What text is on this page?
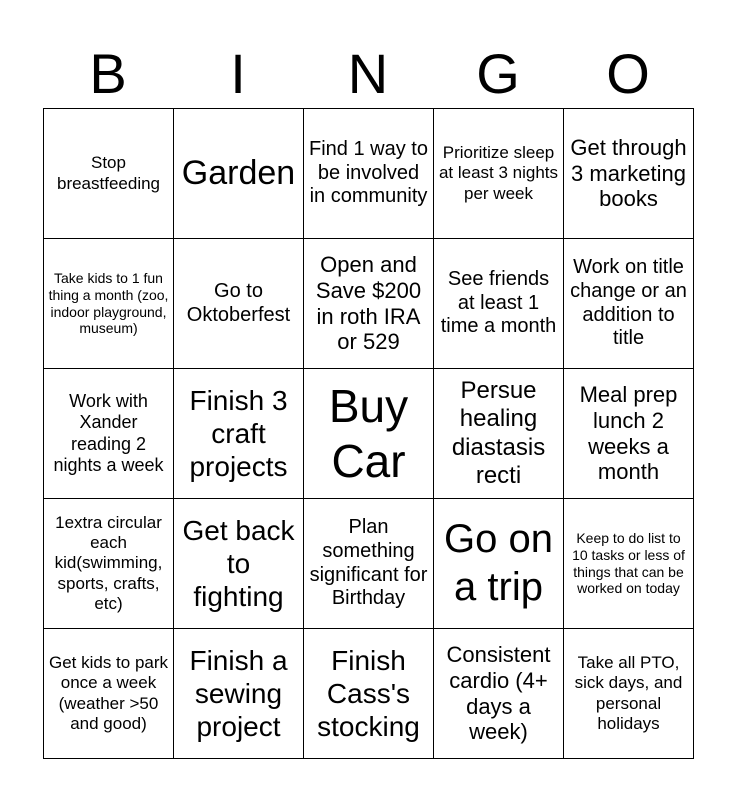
B	I	N	G	O
Stop breastfeeding	Garden	Find 1 way to be involved in community	Prioritize sleep at least 3 nights per week	Get through 3 marketing books
Take kids to 1 fun thing a month (zoo, indoor playground, museum)	Go to Oktoberfest	Open and Save $200 in roth IRA or 529	See friends at least 1 time a month	Work on title change or an addition to title
Work with Xander reading 2 nights a week	Finish 3 craft projects	Buy Car	Persue healing diastasis recti	Meal prep lunch 2 weeks a month
1extra circular each kid(swimming, sports, crafts, etc)	Get back to fighting	Plan something significant for Birthday	Go on a trip	Keep to do list to 10 tasks or less of things that can be worked on today
Get kids to park once a week (weather >50 and good)	Finish a sewing project	Finish Cass's stocking	Consistent cardio (4+ days a week)	Take all PTO, sick days, and personal holidays
